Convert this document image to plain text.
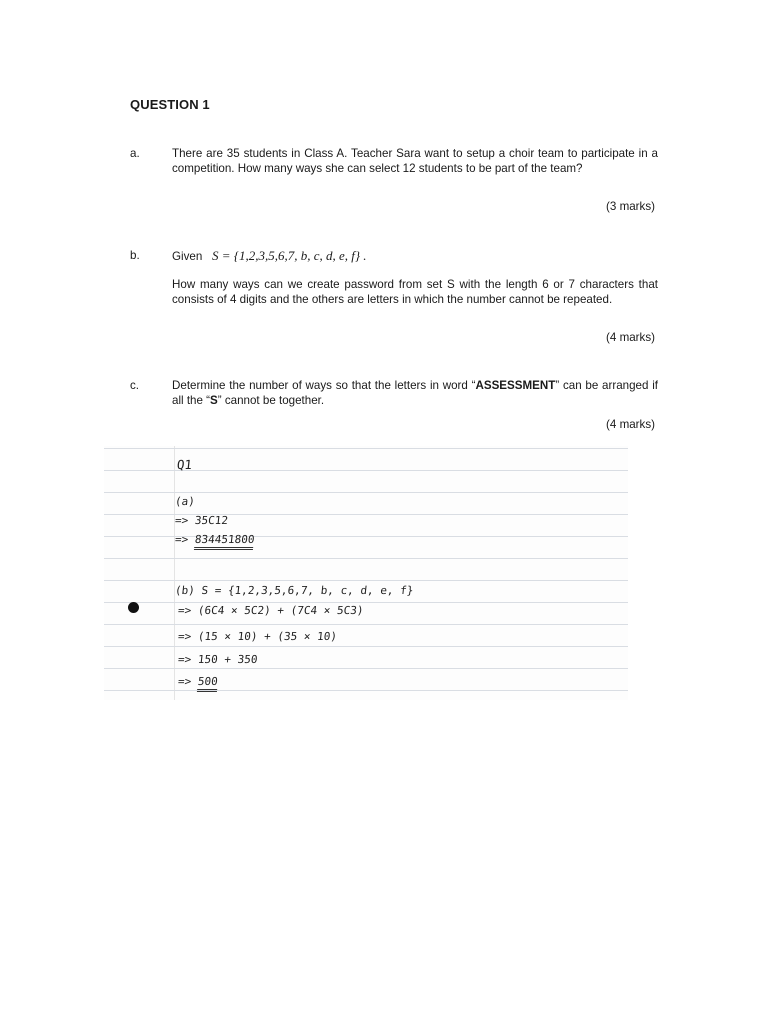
QUESTION 1
a.	There are 35 students in Class A. Teacher Sara want to setup a choir team to participate in a competition. How many ways she can select 12 students to be part of the team?
(3 marks)
b.	Given S = {1,2,3,5,6,7, b, c, d, e, f} .
How many ways can we create password from set S with the length 6 or 7 characters that consists of 4 digits and the others are letters in which the number cannot be repeated.
(4 marks)
c.	Determine the number of ways so that the letters in word “ASSESSMENT” can be arranged if all the “S” cannot be together.
(4 marks)
Q1
(a)
=> 35C12
=> 834451800
(b) S = {1,2,3,5,6,7, b, c, d, e, f}
=> (6C4 × 5C2) + (7C4 × 5C3)
=> (15 × 10) + (35 × 10)
=> 150 + 350
=> 500
